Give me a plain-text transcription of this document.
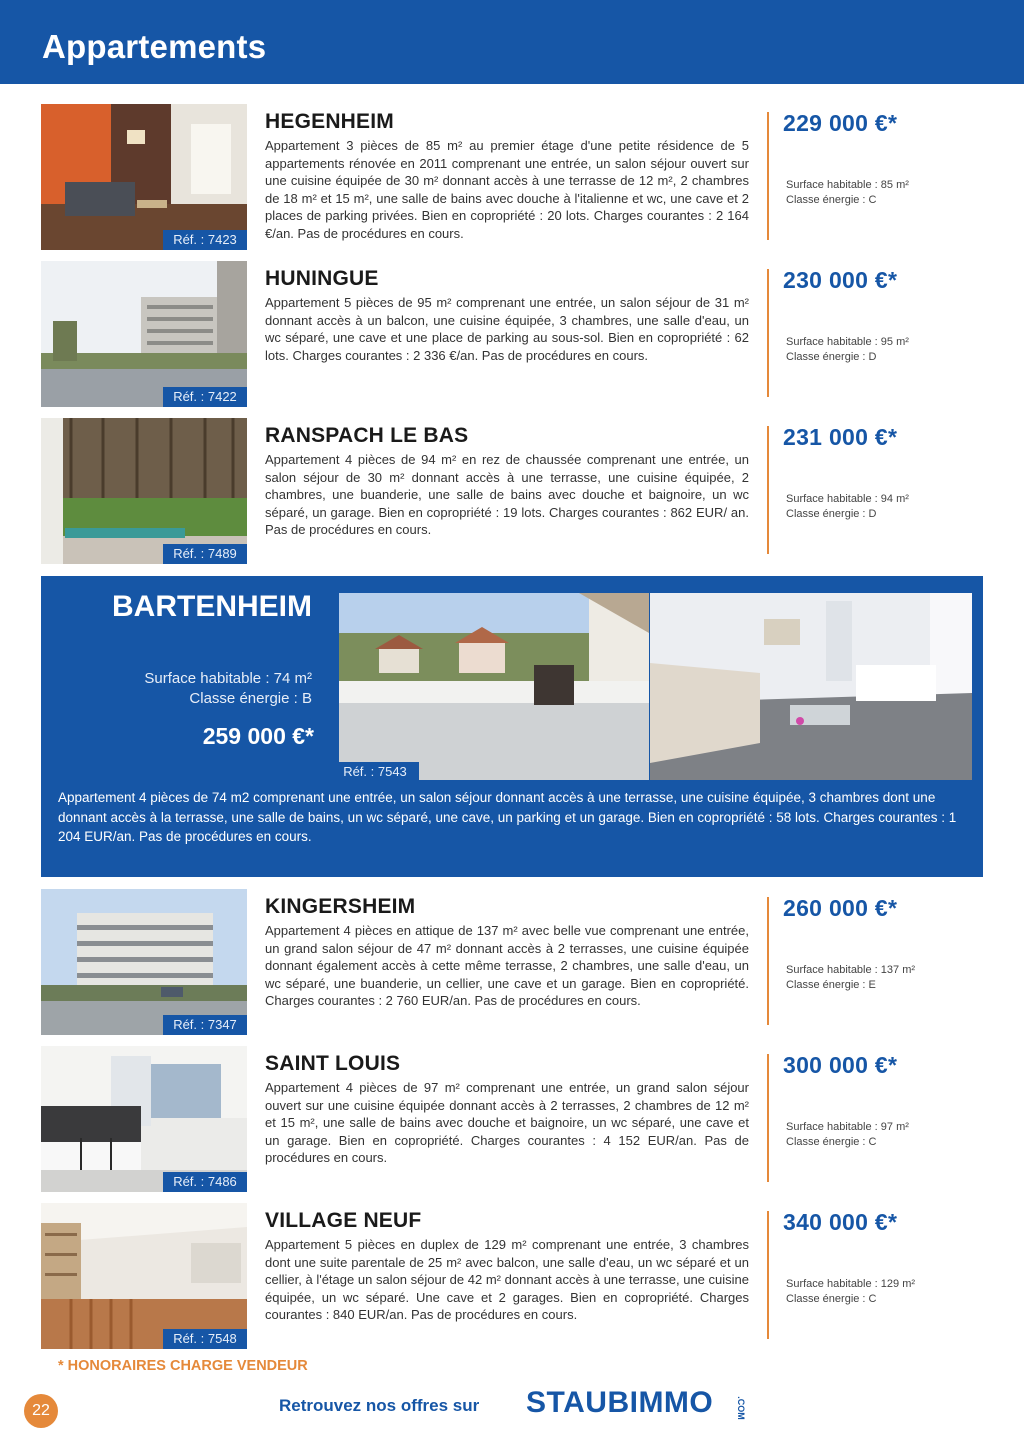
Appartements
Réf. : 7423
HEGENHEIM
Appartement 3 pièces de 85 m² au premier étage d'une petite résidence de 5 appartements rénovée en 2011 comprenant une entrée, un salon séjour ouvert sur une cuisine équipée de 30 m² donnant accès à une terrasse de 12 m², 2 chambres de 18 m² et 15 m², une salle de bains avec douche à l'italienne et wc, une cave et 2 places de parking privées. Bien en copropriété : 20 lots. Charges courantes : 2 164 €/an. Pas de procédures en cours.
229 000 €*
Surface habitable : 85 m²
Classe énergie : C
Réf. : 7422
HUNINGUE
Appartement 5 pièces de 95 m² comprenant une entrée, un salon séjour de 31 m² donnant accès à un balcon, une cuisine équipée, 3 chambres, une salle d'eau, un wc séparé, une cave et une place de parking au sous-sol. Bien en copropriété : 62 lots. Charges courantes : 2 336 €/an. Pas de procédures en cours.
230 000 €*
Surface habitable : 95 m²
Classe énergie : D
Réf. : 7489
RANSPACH LE BAS
Appartement 4 pièces de 94 m² en rez de chaussée comprenant une entrée, un salon séjour de 30 m² donnant accès à une terrasse, une cuisine équipée, 2 chambres, une buanderie, une salle de bains avec douche et baignoire, un wc séparé, un garage. Bien en copropriété : 19 lots. Charges courantes : 862 EUR/ an. Pas de procédures en cours.
231 000 €*
Surface habitable : 94 m²
Classe énergie : D
BARTENHEIM
Surface habitable : 74 m²
Classe énergie : B
259 000 €*
Réf. : 7543
Appartement 4 pièces de 74 m2 comprenant une entrée, un salon séjour donnant accès à une terrasse, une cuisine équipée, 3 chambres dont une donnant accès à la terrasse, une salle de bains, un wc séparé, une cave, un parking et un garage. Bien en copropriété : 58 lots. Charges courantes : 1 204 EUR/an. Pas de procédures en cours.
Réf. : 7347
KINGERSHEIM
Appartement 4 pièces en attique de 137 m² avec belle vue comprenant une entrée, un grand salon séjour de 47 m² donnant accès à 2 terrasses, une cuisine équipée donnant également accès à cette même terrasse, 2 chambres, une salle d'eau, un wc séparé, une buanderie, un cellier, une cave et un garage. Bien en copropriété. Charges courantes : 2 760 EUR/an. Pas de procédures en cours.
260 000 €*
Surface habitable : 137 m²
Classe énergie : E
Réf. : 7486
SAINT LOUIS
Appartement 4 pièces de 97 m² comprenant une entrée, un grand salon séjour ouvert sur une cuisine équipée donnant accès à 2 terrasses, 2 chambres de 12 m² et 15 m², une salle de bains avec douche et baignoire, un wc séparé, une cave et un garage. Bien en copropriété. Charges courantes : 4 152 EUR/an. Pas de procédures en cours.
300 000 €*
Surface habitable : 97 m²
Classe énergie : C
Réf. : 7548
VILLAGE NEUF
Appartement 5 pièces en duplex de 129 m² comprenant une entrée, 3 chambres dont une suite parentale de 25 m² avec balcon, une salle d'eau, un wc séparé et un cellier, à l'étage un salon séjour de 42 m² donnant accès à une terrasse, une cuisine équipée, un wc séparé. Une cave et 2 garages. Bien en copropriété. Charges courantes : 840 EUR/an. Pas de procédures en cours.
340 000 €*
Surface habitable : 129 m²
Classe énergie : C
* HONORAIRES CHARGE VENDEUR
22	Retrouvez nos offres sur STAUBIMMO	.COM
